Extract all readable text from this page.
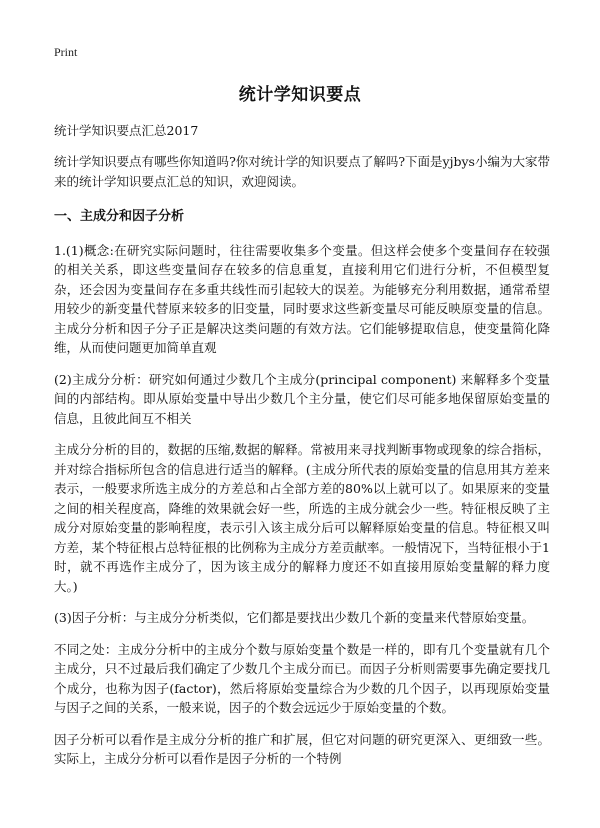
Print
统计学知识要点
统计学知识要点汇总2017

统计学知识要点有哪些你知道吗?你对统计学的知识要点了解吗?下面是yjbys小编为大家带来的统计学知识要点汇总的知识，欢迎阅读。

一、主成分和因子分析

1.(1)概念:在研究实际问题时，往往需要收集多个变量。但这样会使多个变量间存在较强的相关关系，即这些变量间存在较多的信息重复，直接利用它们进行分析，不但模型复杂，还会因为变量间存在多重共线性而引起较大的误差。为能够充分利用数据，通常希望用较少的新变量代替原来较多的旧变量，同时要求这些新变量尽可能反映原变量的信息。主成分分析和因子分子正是解决这类问题的有效方法。它们能够提取信息，使变量简化降维，从而使问题更加简单直观

(2)主成分分析：研究如何通过少数几个主成分(principal component) 来解释多个变量间的内部结构。即从原始变量中导出少数几个主分量，使它们尽可能多地保留原始变量的信息，且彼此间互不相关

主成分分析的目的，数据的压缩,数据的解释。常被用来寻找判断事物或现象的综合指标，并对综合指标所包含的信息进行适当的解释。(主成分所代表的原始变量的信息用其方差来表示，一般要求所选主成分的方差总和占全部方差的80%以上就可以了。如果原来的变量之间的相关程度高，降维的效果就会好一些，所选的主成分就会少一些。特征根反映了主成分对原始变量的影响程度，表示引入该主成分后可以解释原始变量的信息。特征根又叫方差，某个特征根占总特征根的比例称为主成分方差贡献率。一般情况下，当特征根小于1时，就不再选作主成分了，因为该主成分的解释力度还不如直接用原始变量解的释力度大。)

(3)因子分析：与主成分分析类似，它们都是要找出少数几个新的变量来代替原始变量。

不同之处：主成分分析中的主成分个数与原始变量个数是一样的，即有几个变量就有几个主成分，只不过最后我们确定了少数几个主成分而已。而因子分析则需要事先确定要找几个成分，也称为因子(factor)，然后将原始变量综合为少数的几个因子，以再现原始变量与因子之间的关系，一般来说，因子的个数会远远少于原始变量的个数。

因子分析可以看作是主成分分析的推广和扩展，但它对问题的研究更深入、更细致一些。实际上，主成分分析可以看作是因子分析的一个特例
